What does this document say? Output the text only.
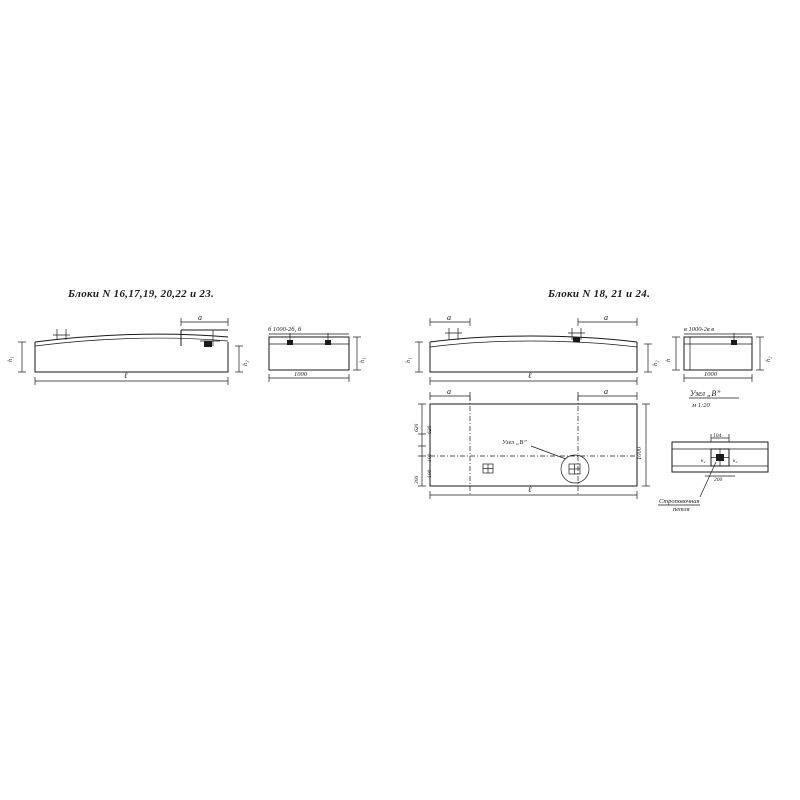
Блоки N 16,17,19, 20,22 и 23.
a
h₁
h₂
ℓ
б 1000-2б, б
1000
h₁
Блоки N 18, 21 и 24.
a	a
h₁
h₂
ℓ
в 1000-2в в
1000
h	h₂
Узел „В”
a	a
ℓ
1000
620 620
300
100
100
Узел „В”
м 1:20
104
к₂	к₂
200
Строповочная
петля
